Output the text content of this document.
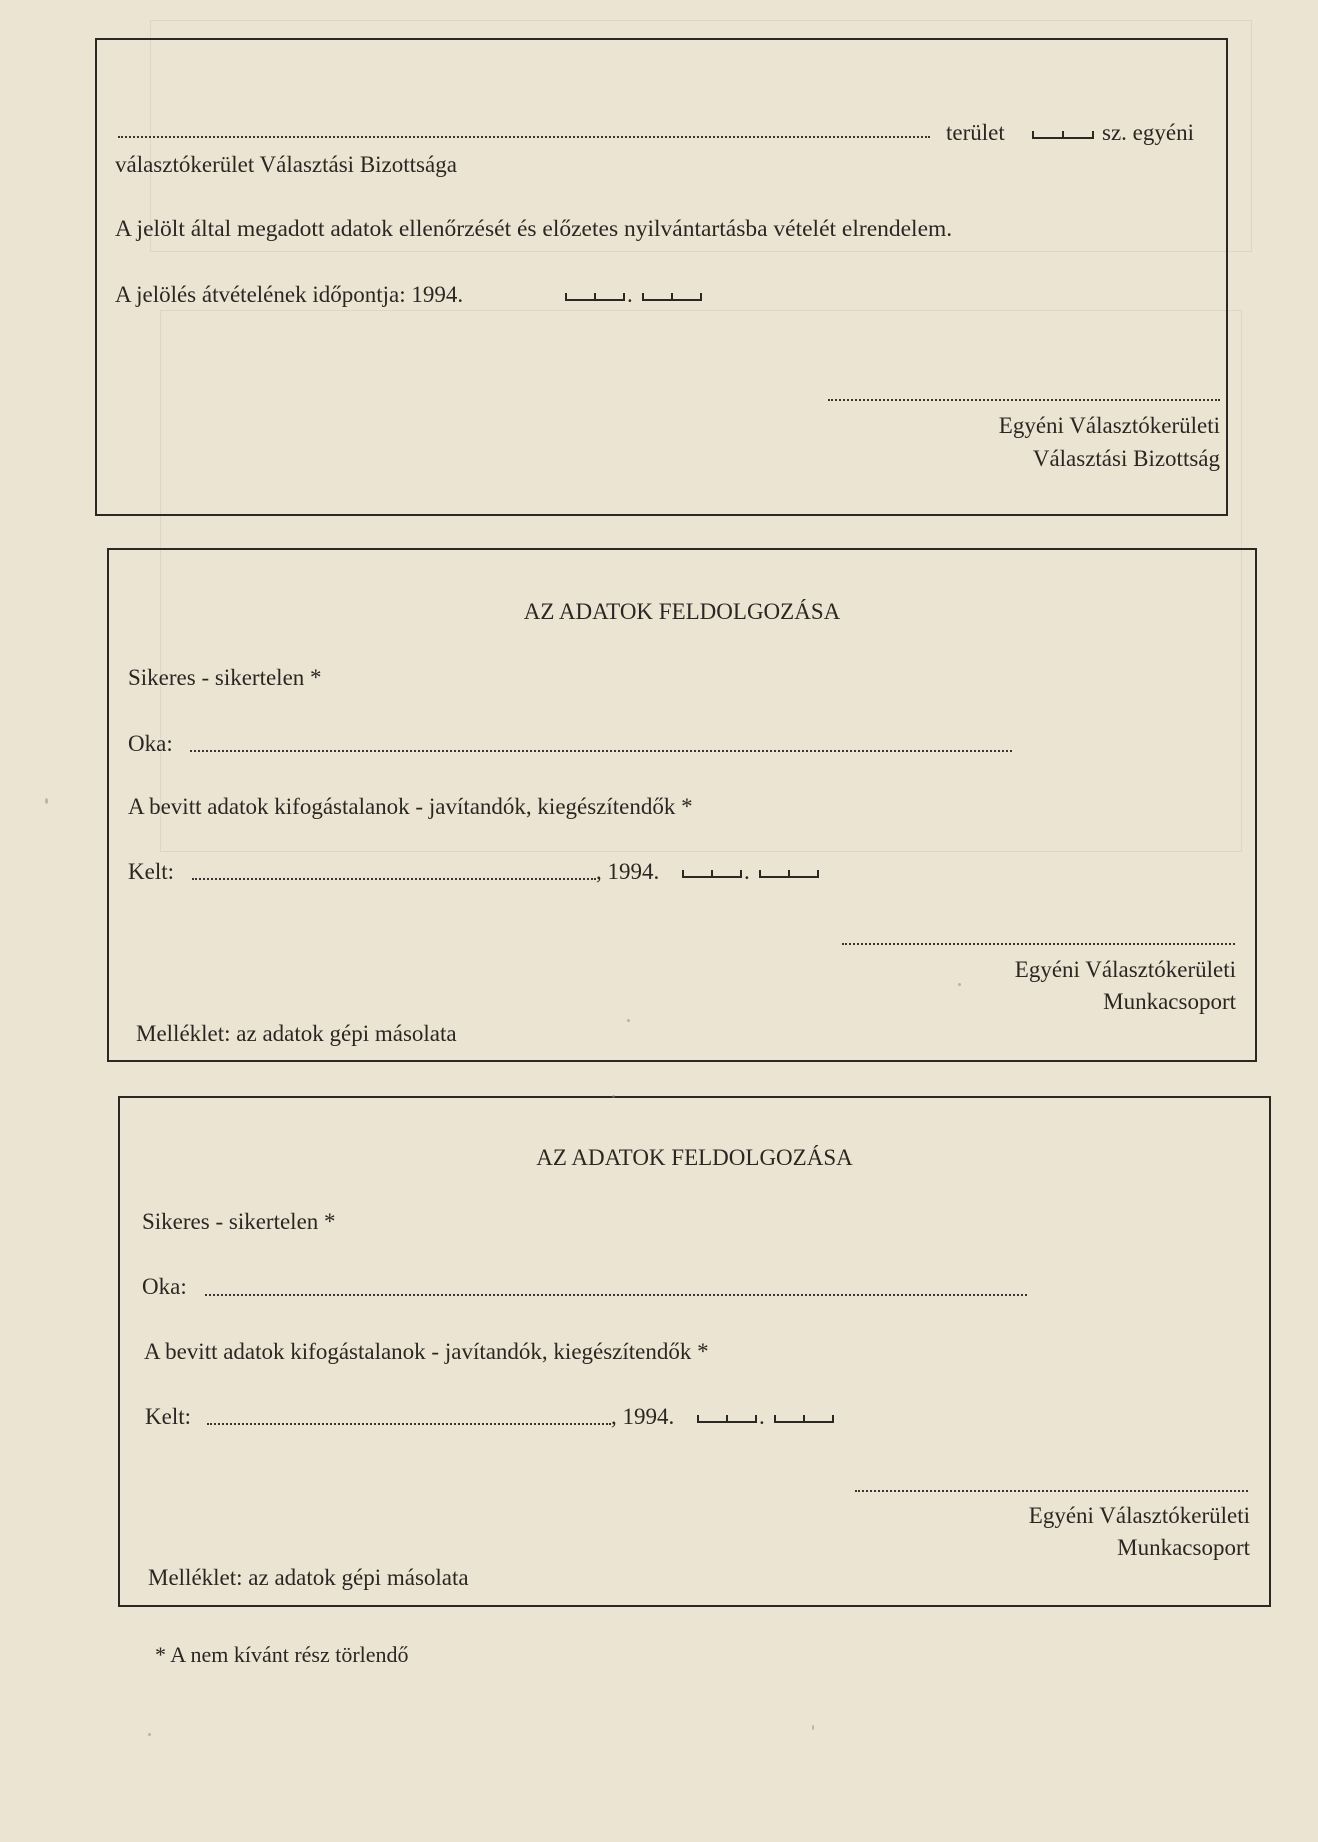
terület	sz. egyéni
választókerület Választási Bizottsága
A jelölt által megadott adatok ellenőrzését és előzetes nyilvántartásba vételét elrendelem.
A jelölés átvételének időpontja: 1994.	.
Egyéni Választókerületi
Választási Bizottság
AZ ADATOK FELDOLGOZÁSA
Sikeres - sikertelen *
Oka:
A bevitt adatok kifogástalanok - javítandók, kiegészítendők *
Kelt:	, 1994.	.
Egyéni Választókerületi
Munkacsoport
Melléklet: az adatok gépi másolata
AZ ADATOK FELDOLGOZÁSA
Sikeres - sikertelen *
Oka:
A bevitt adatok kifogástalanok - javítandók, kiegészítendők *
Kelt:	, 1994.	.
Egyéni Választókerületi
Munkacsoport
Melléklet: az adatok gépi másolata
* A nem kívánt rész törlendő
